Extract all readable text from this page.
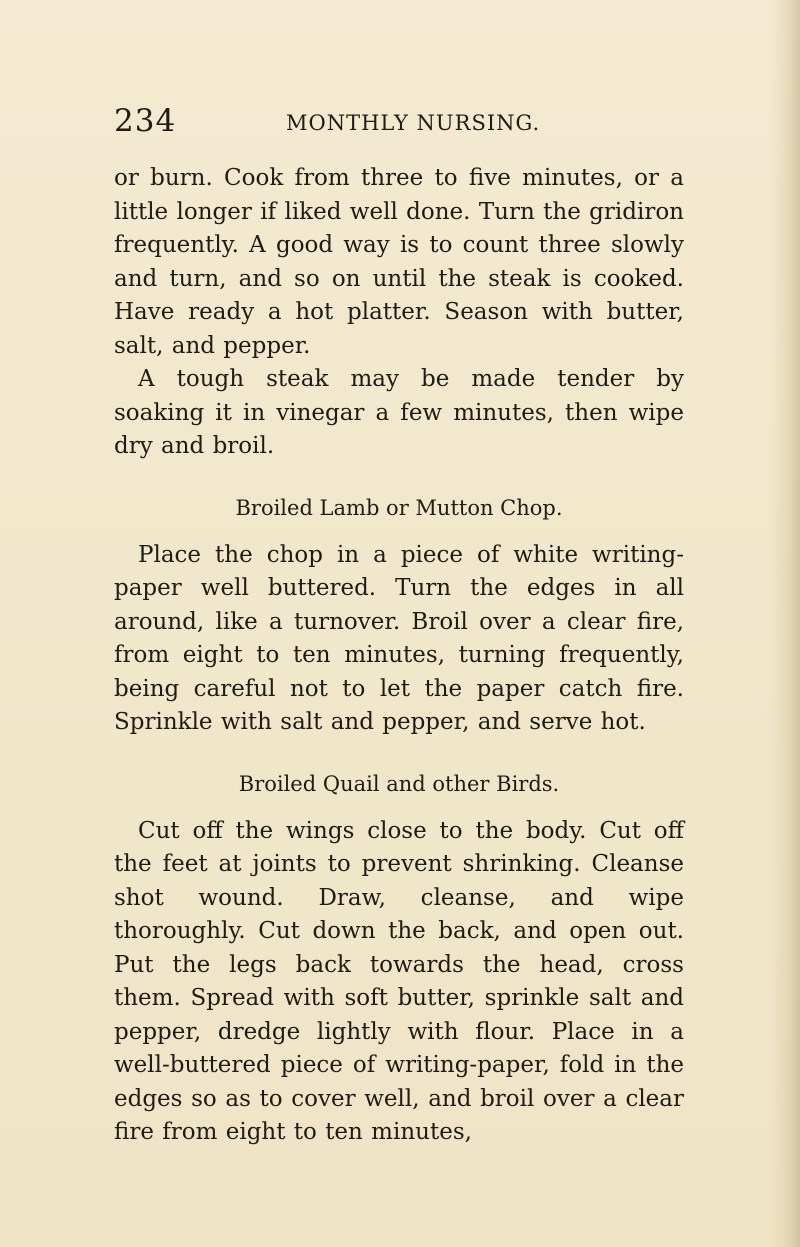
234	MONTHLY NURSING.

or burn. Cook from three to five minutes, or a little longer if liked well done. Turn the gridiron frequently. A good way is to count three slowly and turn, and so on until the steak is cooked. Have ready a hot platter. Season with butter, salt, and pepper.

A tough steak may be made tender by soaking it in vinegar a few minutes, then wipe dry and broil.

Broiled Lamb or Mutton Chop.

Place the chop in a piece of white writing-paper well buttered. Turn the edges in all around, like a turnover. Broil over a clear fire, from eight to ten minutes, turning frequently, being careful not to let the paper catch fire. Sprinkle with salt and pepper, and serve hot.

Broiled Quail and other Birds.

Cut off the wings close to the body. Cut off the feet at joints to prevent shrinking. Cleanse shot wound. Draw, cleanse, and wipe thoroughly. Cut down the back, and open out. Put the legs back towards the head, cross them. Spread with soft butter, sprinkle salt and pepper, dredge lightly with flour. Place in a well-buttered piece of writing-paper, fold in the edges so as to cover well, and broil over a clear fire from eight to ten minutes,
